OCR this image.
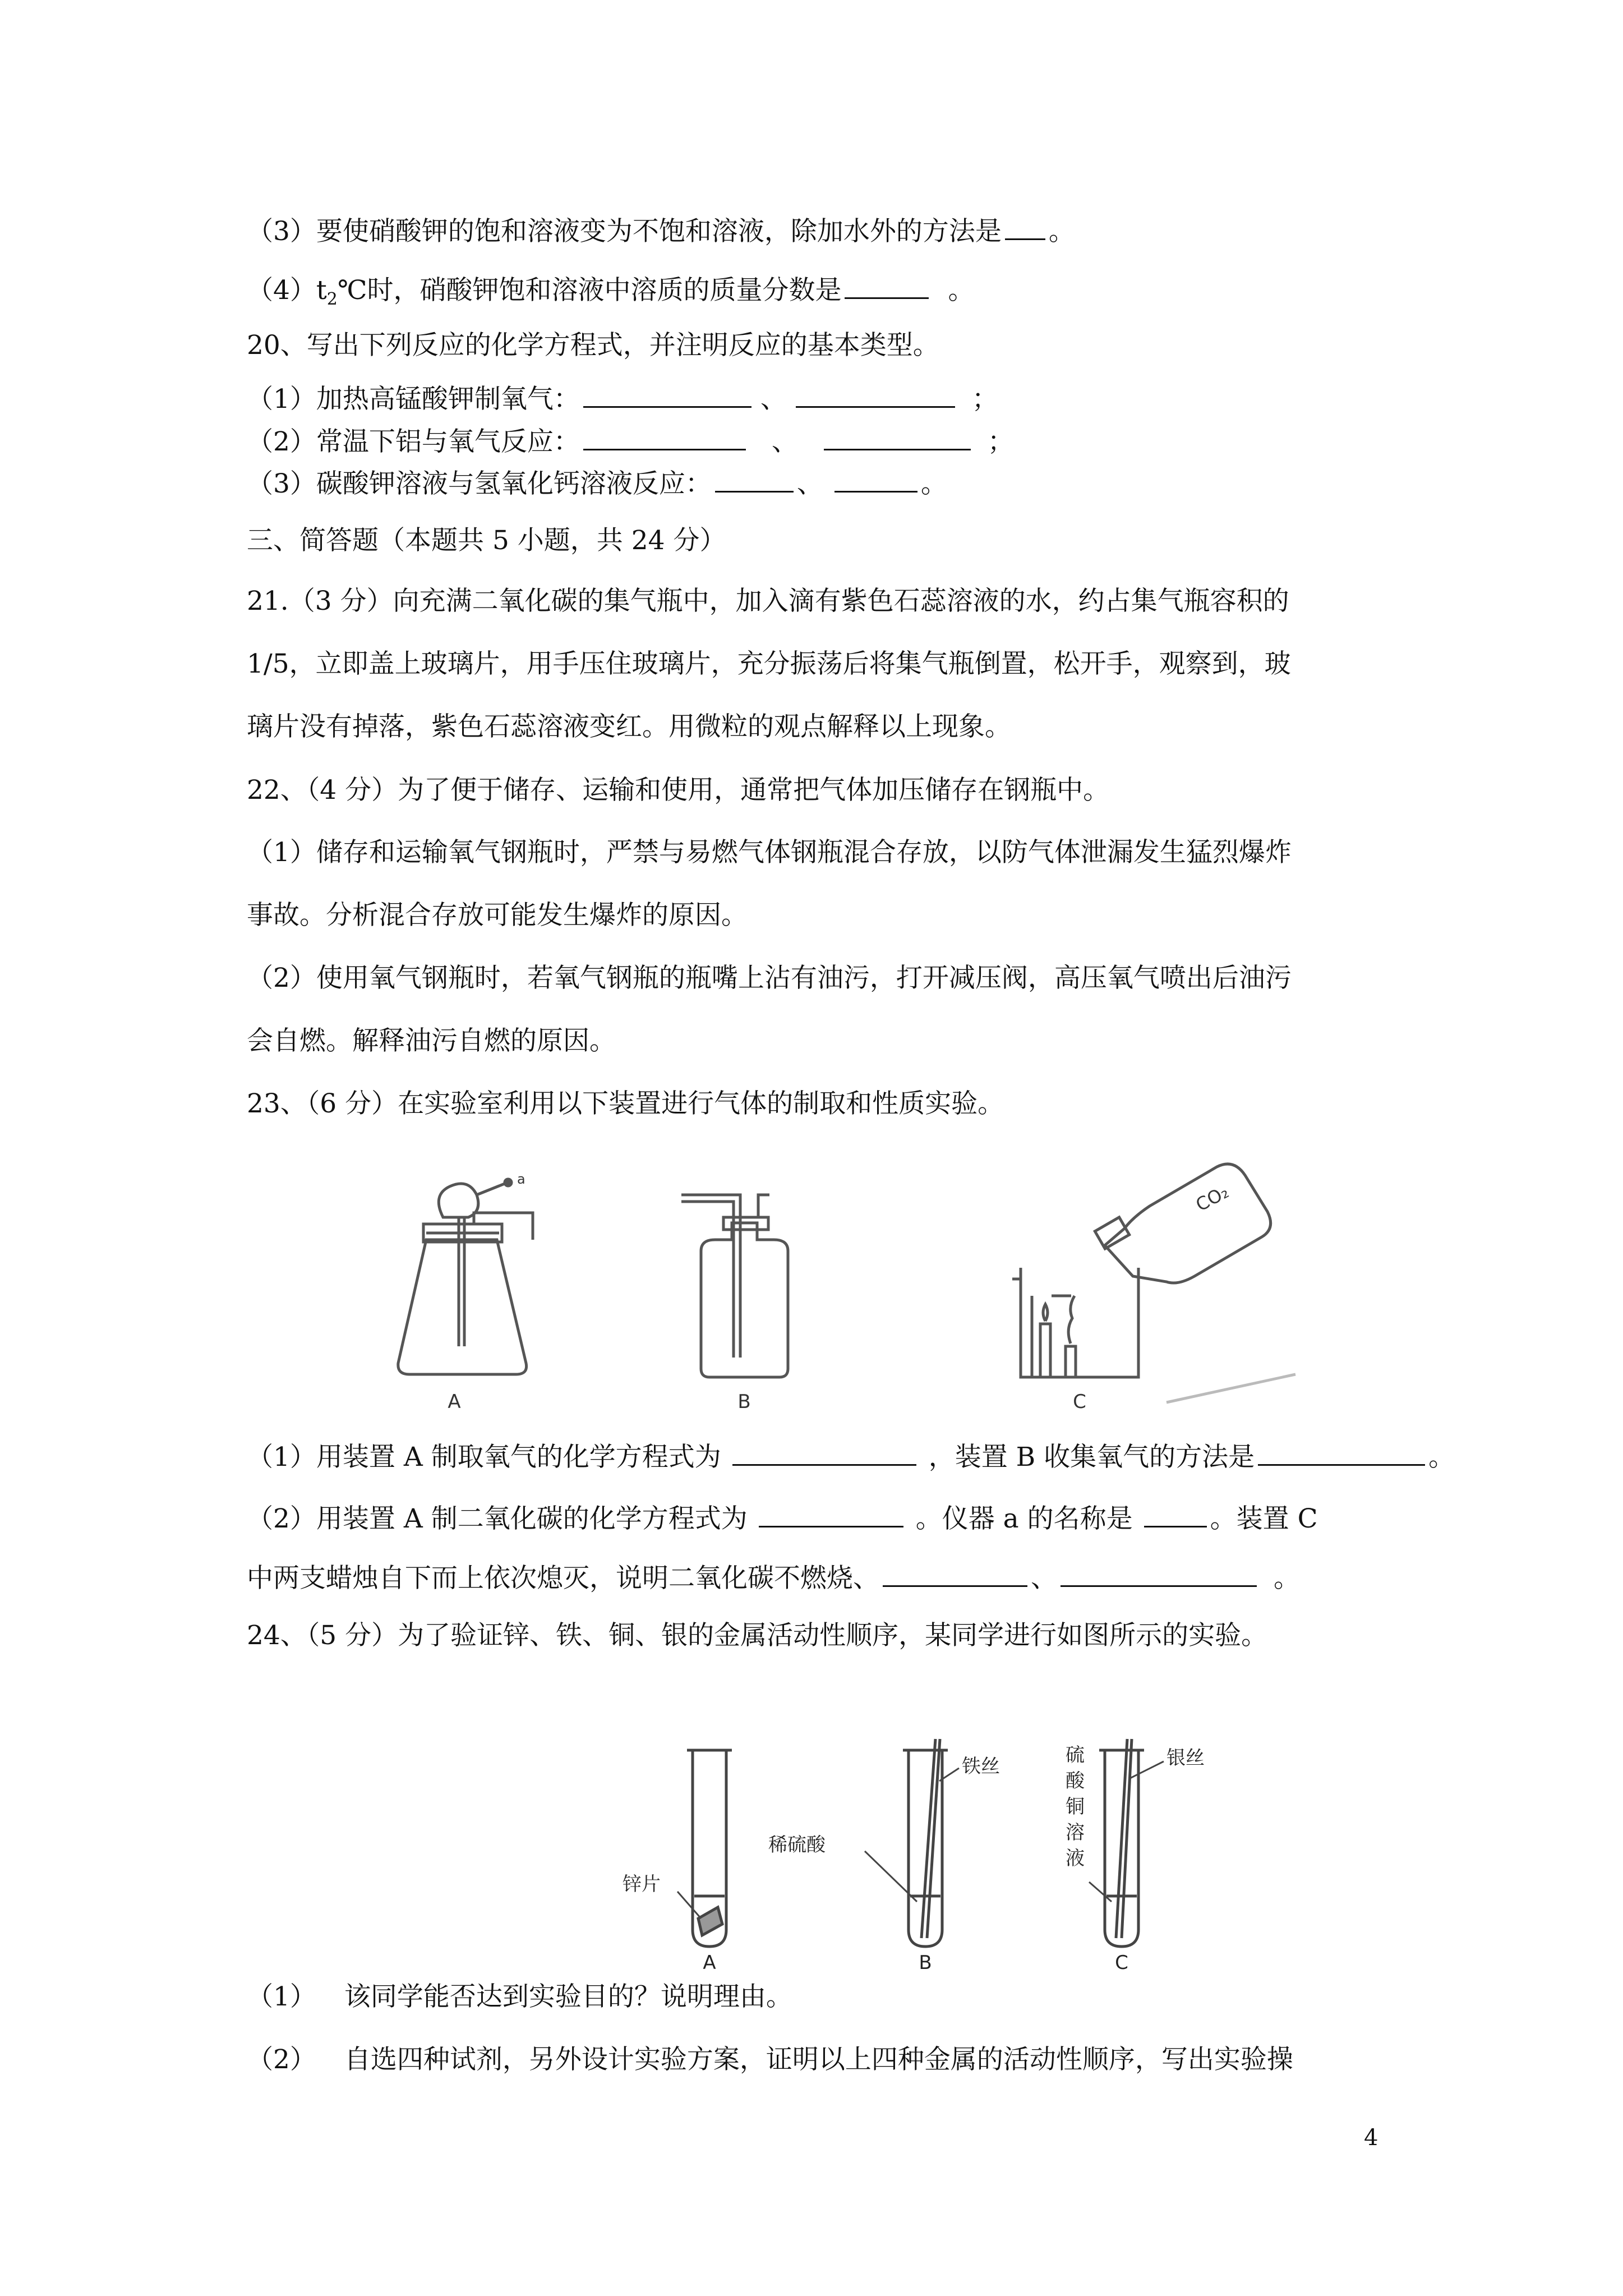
（3）要使硝酸钾的饱和溶液变为不饱和溶液，除加水外的方法是 。
$(4)t_2℃$时，硝酸钾饱和溶液中溶质的质量分数是	。
20、写出下列反应的化学方程式，并注明反应的基本类型。
（1）加热高锰酸钾制氧气：	、	；
（2）常温下铝与氧气反应：	、	；
（3）碳酸钾溶液与氢氧化钙溶液反应：	、	。
三、简答题（本题共 5 小题，共 24 分）
21.（3 分）向充满二氧化碳的集气瓶中，加入滴有紫色石蕊溶液的水，约占集气瓶容积的
1/5，立即盖上玻璃片，用手压住玻璃片，充分振荡后将集气瓶倒置，松开手，观察到，玻
璃片没有掉落，紫色石蕊溶液变红。用微粒的观点解释以上现象。
22、（4 分）为了便于储存、运输和使用，通常把气体加压储存在钢瓶中。
（1）储存和运输氧气钢瓶时，严禁与易燃气体钢瓶混合存放，以防气体泄漏发生猛烈爆炸
事故。分析混合存放可能发生爆炸的原因。
（2）使用氧气钢瓶时，若氧气钢瓶的瓶嘴上沾有油污，打开减压阀，高压氧气喷出后油污
会自燃。解释油污自燃的原因。
23、（6 分）在实验室利用以下装置进行气体的制取和性质实验。
A	B	C
a
CO₂
（1）用装置 A 制取氧气的化学方程式为	，装置 B 收集氧气的方法是	。
（2）用装置 A 制二氧化碳的化学方程式为	。仪器 a 的名称是	。装置 C
中两支蜡烛自下而上依次熄灭，说明二氧化碳不燃烧、	、	。
24、（5 分）为了验证锌、铁、铜、银的金属活动性顺序，某同学进行如图所示的实验。
锌片
稀硫酸
铁丝	银丝
硫
酸
铜
溶
液
A	B	C
（1） 该同学能否达到实验目的？说明理由。
（2） 自选四种试剂，另外设计实验方案，证明以上四种金属的活动性顺序，写出实验操
4
